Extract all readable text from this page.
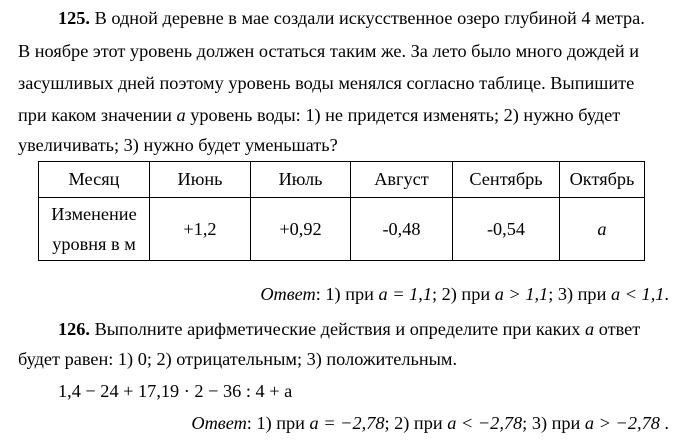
125. В одной деревне в мае создали искусственное озеро глубиной 4 метра.
В ноябре этот уровень должен остаться таким же. За лето было много дождей и
засушливых дней поэтому уровень воды менялся согласно таблице. Выпишите
при каком значении a уровень воды: 1) не придется изменять; 2) нужно будет
увеличивать; 3) нужно будет уменьшать?
Месяц	Июнь	Июль	Август	Сентябрь	Октябрь
Изменение
уровня в м	+1,2	+0,92	-0,48	-0,54	a
Ответ: 1) при a = 1,1; 2) при a > 1,1; 3) при a < 1,1.
126. Выполните арифметические действия и определите при каких a ответ
будет равен: 1) 0; 2) отрицательным; 3) положительным.
1,4 − 24 + 17,19 · 2 − 36 : 4 + a
Ответ: 1) при a = −2,78; 2) при a < −2,78; 3) при a > −2,78 .
